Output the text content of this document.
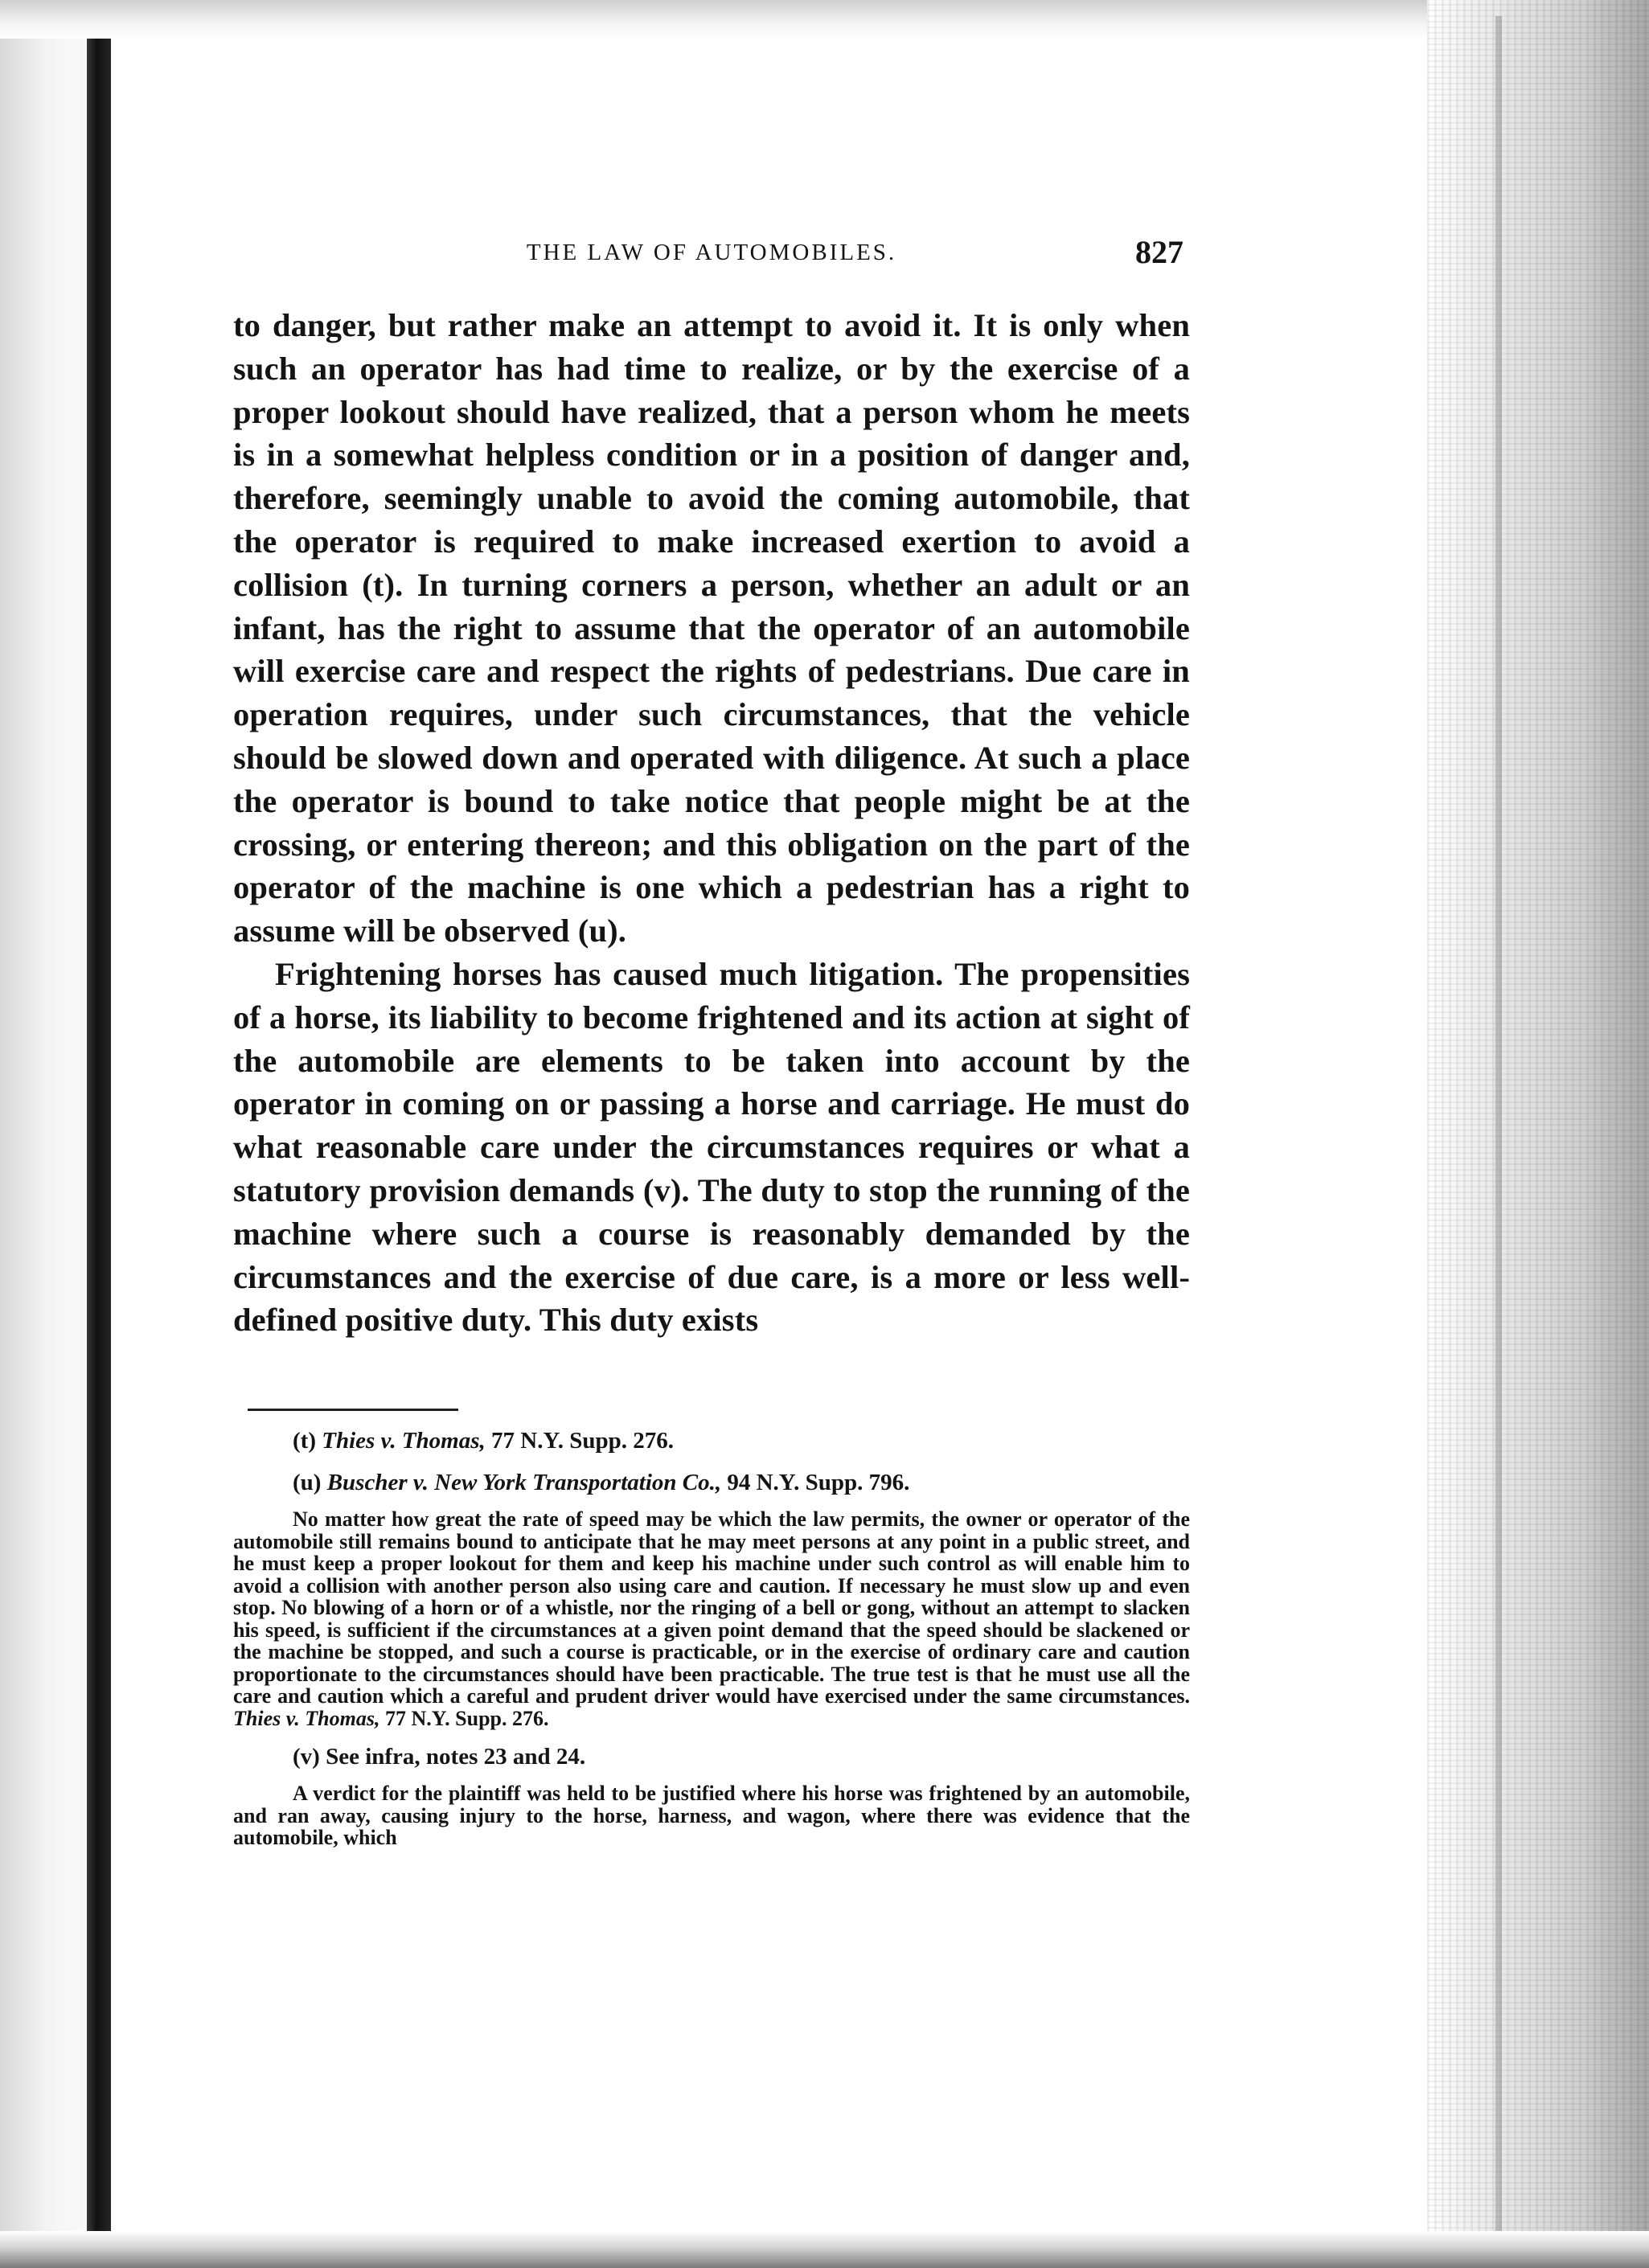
THE LAW OF AUTOMOBILES.	827

to danger, but rather make an attempt to avoid it. It is only when such an operator has had time to realize, or by the exercise of a proper lookout should have realized, that a person whom he meets is in a somewhat helpless condition or in a position of danger and, therefore, seemingly unable to avoid the coming automobile, that the operator is required to make increased exertion to avoid a collision (t). In turning corners a person, whether an adult or an infant, has the right to assume that the operator of an automobile will exercise care and respect the rights of pedestrians. Due care in operation requires, under such circumstances, that the vehicle should be slowed down and operated with diligence. At such a place the operator is bound to take notice that people might be at the crossing, or entering thereon; and this obligation on the part of the operator of the machine is one which a pedestrian has a right to assume will be observed (u).

Frightening horses has caused much litigation. The propensities of a horse, its liability to become frightened and its action at sight of the automobile are elements to be taken into account by the operator in coming on or passing a horse and carriage. He must do what reasonable care under the circumstances requires or what a statutory provision demands (v). The duty to stop the running of the machine where such a course is reasonably demanded by the circumstances and the exercise of due care, is a more or less well-defined positive duty. This duty exists

(t) Thies v. Thomas, 77 N.Y. Supp. 276.

(u) Buscher v. New York Transportation Co., 94 N.Y. Supp. 796.

No matter how great the rate of speed may be which the law permits, the owner or operator of the automobile still remains bound to anticipate that he may meet persons at any point in a public street, and he must keep a proper lookout for them and keep his machine under such control as will enable him to avoid a collision with another person also using care and caution. If necessary he must slow up and even stop. No blowing of a horn or of a whistle, nor the ringing of a bell or gong, without an attempt to slacken his speed, is sufficient if the circumstances at a given point demand that the speed should be slackened or the machine be stopped, and such a course is practicable, or in the exercise of ordinary care and caution proportionate to the circumstances should have been practicable. The true test is that he must use all the care and caution which a careful and prudent driver would have exercised under the same circumstances. Thies v. Thomas, 77 N.Y. Supp. 276.

(v) See infra, notes 23 and 24.

A verdict for the plaintiff was held to be justified where his horse was frightened by an automobile, and ran away, causing injury to the horse, harness, and wagon, where there was evidence that the automobile, which
